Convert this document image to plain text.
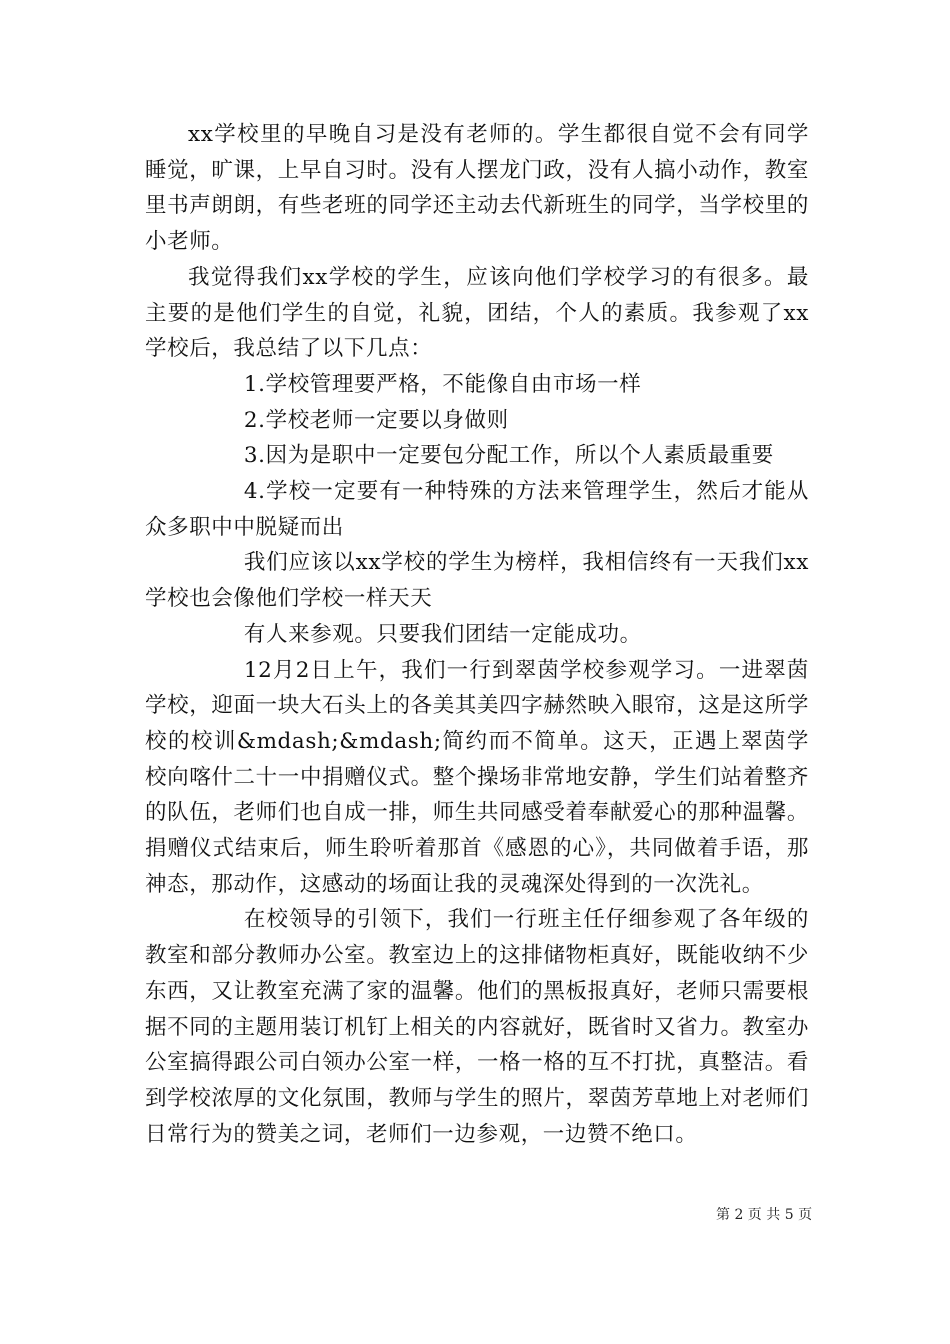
xx学校里的早晚自习是没有老师的。学生都很自觉不会有同学睡觉，旷课，上早自习时。没有人摆龙门政，没有人搞小动作，教室里书声朗朗，有些老班的同学还主动去代新班生的同学，当学校里的小老师。

我觉得我们xx学校的学生，应该向他们学校学习的有很多。最主要的是他们学生的自觉，礼貌，团结，个人的素质。我参观了xx学校后，我总结了以下几点：

1.学校管理要严格，不能像自由市场一样

2.学校老师一定要以身做则

3.因为是职中一定要包分配工作，所以个人素质最重要

4.学校一定要有一种特殊的方法来管理学生，然后才能从众多职中中脱疑而出

我们应该以xx学校的学生为榜样，我相信终有一天我们xx学校也会像他们学校一样天天

有人来参观。只要我们团结一定能成功。

12月2日上午，我们一行到翠茵学校参观学习。一进翠茵学校，迎面一块大石头上的各美其美四字赫然映入眼帘，这是这所学校的校训&mdash;&mdash;简约而不简单。这天，正遇上翠茵学校向喀什二十一中捐赠仪式。整个操场非常地安静，学生们站着整齐的队伍，老师们也自成一排，师生共同感受着奉献爱心的那种温馨。捐赠仪式结束后，师生聆听着那首《感恩的心》，共同做着手语，那神态，那动作，这感动的场面让我的灵魂深处得到的一次洗礼。

在校领导的引领下，我们一行班主任仔细参观了各年级的教室和部分教师办公室。教室边上的这排储物柜真好，既能收纳不少东西，又让教室充满了家的温馨。他们的黑板报真好，老师只需要根据不同的主题用装订机钉上相关的内容就好，既省时又省力。教室办公室搞得跟公司白领办公室一样，一格一格的互不打扰，真整洁。看到学校浓厚的文化氛围，教师与学生的照片，翠茵芳草地上对老师们日常行为的赞美之词，老师们一边参观，一边赞不绝口。

第 2 页 共 5 页
